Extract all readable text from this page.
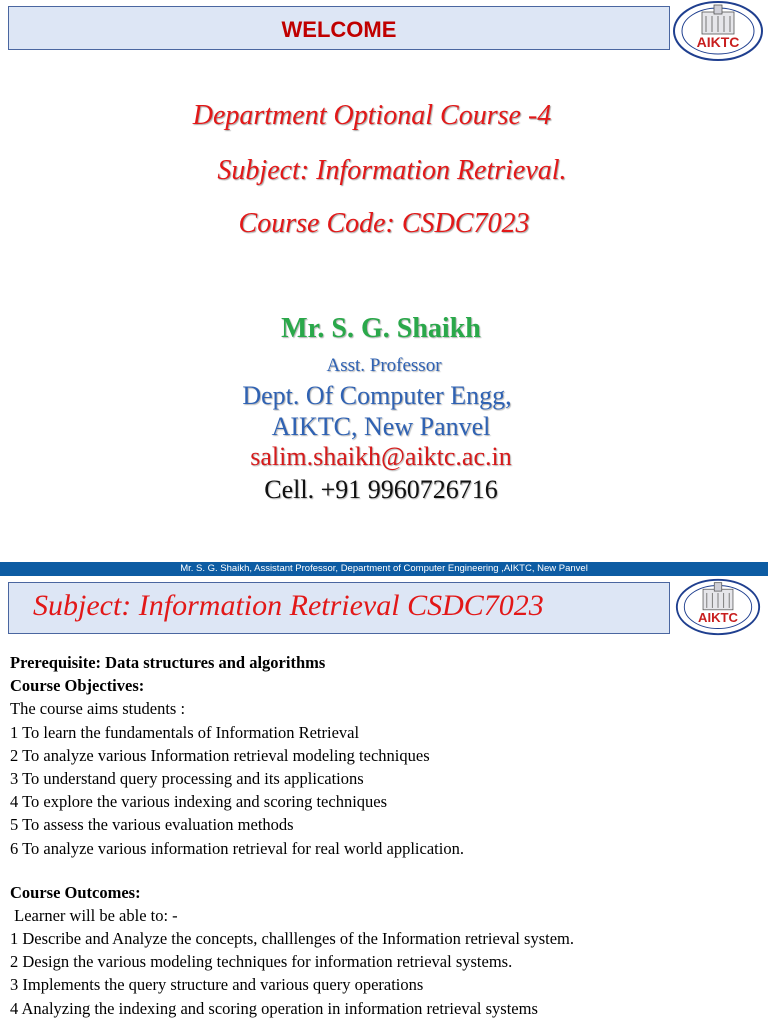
WELCOME	AIKTC
Department Optional Course -4
Subject: Information Retrieval.
Course Code: CSDC7023
Mr. S. G. Shaikh
Asst. Professor
Dept. Of Computer Engg,
AIKTC, New Panvel
salim.shaikh@aiktc.ac.in
Cell. +91 9960726716
Mr. S. G. Shaikh, Assistant Professor, Department of Computer Engineering ,AIKTC, New Panvel
Subject: Information Retrieval CSDC7023	AIKTC
Prerequisite: Data structures and algorithms
Course Objectives:
The course aims students :
1 To learn the fundamentals of Information Retrieval
2 To analyze various Information retrieval modeling techniques
3 To understand query processing and its applications
4 To explore the various indexing and scoring techniques
5 To assess the various evaluation methods
6 To analyze various information retrieval for real world application.
Course Outcomes:
Learner will be able to: -
1 Describe and Analyze the concepts, challlenges of the Information retrieval system.
2 Design the various modeling techniques for information retrieval systems.
3 Implements the query structure and various query operations
4 Analyzing the indexing and scoring operation in information retrieval systems
